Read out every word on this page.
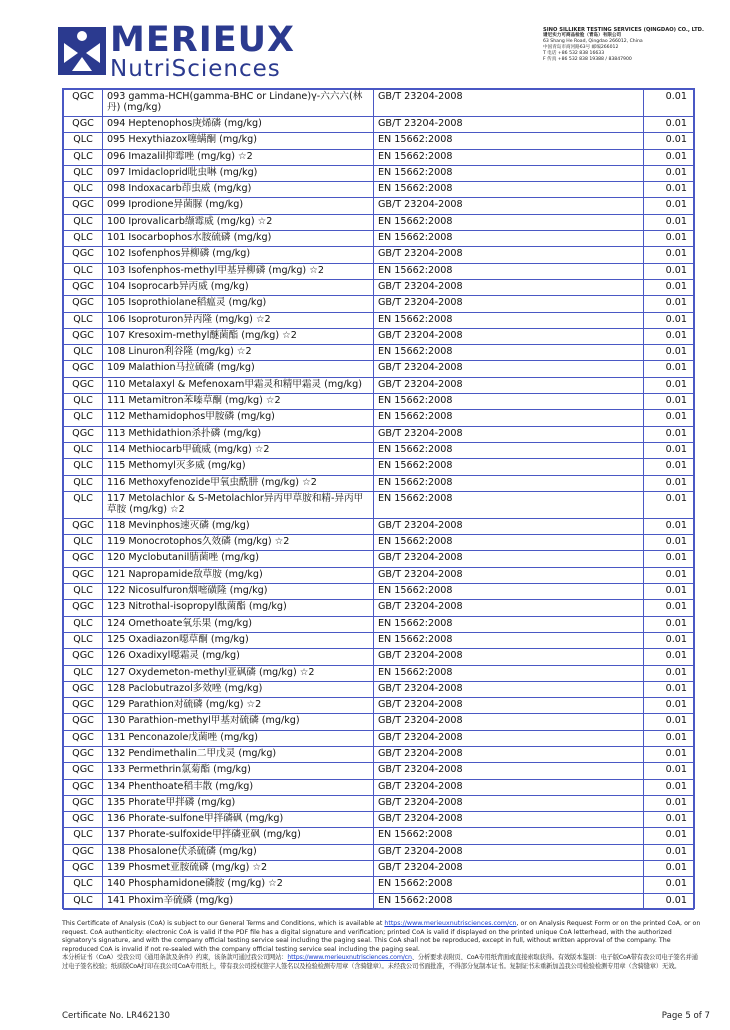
MERIEUX
NutriSciences
SINO SILLIKER TESTING SERVICES (QINGDAO) CO., LTD.
谱尼实力可商品检验（青岛）有限公司
63 Shang He Road, Qingdao 266012, China
中国青岛市商河路63号 邮编266012
T 电话 +86 532 838 16633
F 传真 +86 532 838 19388 / 83847900
QGC	093 gamma-HCH(gamma-BHC or Lindane)γ-六六六(林丹) (mg/kg)	GB/T 23204-2008	0.01
QGC	094 Heptenophos庚烯磷 (mg/kg)	GB/T 23204-2008	0.01
QLC	095 Hexythiazox噻螨酮 (mg/kg)	EN 15662:2008	0.01
QLC	096 Imazalil抑霉唑 (mg/kg) ☆2	EN 15662:2008	0.01
QLC	097 Imidacloprid吡虫啉 (mg/kg)	EN 15662:2008	0.01
QLC	098 Indoxacarb茚虫威 (mg/kg)	EN 15662:2008	0.01
QGC	099 Iprodione异菌脲 (mg/kg)	GB/T 23204-2008	0.01
QLC	100 Iprovalicarb缬霉威 (mg/kg) ☆2	EN 15662:2008	0.01
QLC	101 Isocarbophos水胺硫磷 (mg/kg)	EN 15662:2008	0.01
QGC	102 Isofenphos异柳磷 (mg/kg)	GB/T 23204-2008	0.01
QLC	103 Isofenphos-methyl甲基异柳磷 (mg/kg) ☆2	EN 15662:2008	0.01
QGC	104 Isoprocarb异丙威 (mg/kg)	GB/T 23204-2008	0.01
QGC	105 Isoprothiolane稻瘟灵 (mg/kg)	GB/T 23204-2008	0.01
QLC	106 Isoproturon异丙隆 (mg/kg) ☆2	EN 15662:2008	0.01
QGC	107 Kresoxim-methyl醚菌酯 (mg/kg) ☆2	GB/T 23204-2008	0.01
QLC	108 Linuron利谷隆 (mg/kg) ☆2	EN 15662:2008	0.01
QGC	109 Malathion马拉硫磷 (mg/kg)	GB/T 23204-2008	0.01
QGC	110 Metalaxyl & Mefenoxam甲霜灵和精甲霜灵 (mg/kg)	GB/T 23204-2008	0.01
QLC	111 Metamitron苯嗪草酮 (mg/kg) ☆2	EN 15662:2008	0.01
QLC	112 Methamidophos甲胺磷 (mg/kg)	EN 15662:2008	0.01
QGC	113 Methidathion杀扑磷 (mg/kg)	GB/T 23204-2008	0.01
QLC	114 Methiocarb甲硫威 (mg/kg) ☆2	EN 15662:2008	0.01
QLC	115 Methomyl灭多威 (mg/kg)	EN 15662:2008	0.01
QLC	116 Methoxyfenozide甲氧虫酰肼 (mg/kg) ☆2	EN 15662:2008	0.01
QLC	117 Metolachlor & S-Metolachlor异丙甲草胺和精-异丙甲草胺 (mg/kg) ☆2	EN 15662:2008	0.01
QGC	118 Mevinphos速灭磷 (mg/kg)	GB/T 23204-2008	0.01
QLC	119 Monocrotophos久效磷 (mg/kg) ☆2	EN 15662:2008	0.01
QGC	120 Myclobutanil腈菌唑 (mg/kg)	GB/T 23204-2008	0.01
QGC	121 Napropamide敌草胺 (mg/kg)	GB/T 23204-2008	0.01
QLC	122 Nicosulfuron烟嘧磺隆 (mg/kg)	EN 15662:2008	0.01
QGC	123 Nitrothal-isopropyl酞菌酯 (mg/kg)	GB/T 23204-2008	0.01
QLC	124 Omethoate氧乐果 (mg/kg)	EN 15662:2008	0.01
QLC	125 Oxadiazon噁草酮 (mg/kg)	EN 15662:2008	0.01
QGC	126 Oxadixyl噁霜灵 (mg/kg)	GB/T 23204-2008	0.01
QLC	127 Oxydemeton-methyl亚砜磷 (mg/kg) ☆2	EN 15662:2008	0.01
QGC	128 Paclobutrazol多效唑 (mg/kg)	GB/T 23204-2008	0.01
QGC	129 Parathion对硫磷 (mg/kg) ☆2	GB/T 23204-2008	0.01
QGC	130 Parathion-methyl甲基对硫磷 (mg/kg)	GB/T 23204-2008	0.01
QGC	131 Penconazole戊菌唑 (mg/kg)	GB/T 23204-2008	0.01
QGC	132 Pendimethalin二甲戊灵 (mg/kg)	GB/T 23204-2008	0.01
QGC	133 Permethrin氯菊酯 (mg/kg)	GB/T 23204-2008	0.01
QGC	134 Phenthoate稻丰散 (mg/kg)	GB/T 23204-2008	0.01
QGC	135 Phorate甲拌磷 (mg/kg)	GB/T 23204-2008	0.01
QGC	136 Phorate-sulfone甲拌磷砜 (mg/kg)	GB/T 23204-2008	0.01
QLC	137 Phorate-sulfoxide甲拌磷亚砜 (mg/kg)	EN 15662:2008	0.01
QGC	138 Phosalone伏杀硫磷 (mg/kg)	GB/T 23204-2008	0.01
QGC	139 Phosmet亚胺硫磷 (mg/kg) ☆2	GB/T 23204-2008	0.01
QLC	140 Phosphamidone磷胺 (mg/kg) ☆2	EN 15662:2008	0.01
QLC	141 Phoxim辛硫磷 (mg/kg)	EN 15662:2008	0.01
This Certificate of Analysis (CoA) is subject to our General Terms and Conditions, which is available at https://www.merieuxnutrisciences.com/cn, or on Analysis Request Form or on the printed CoA, or on request. CoA authenticity: electronic CoA is valid if the PDF file has a digital signature and verification; printed CoA is valid if displayed on the printed unique CoA letterhead, with the authorized signatory's signature, and with the company official testing service seal including the paging seal. This CoA shall not be reproduced, except in full, without written approval of the company. The reproduced CoA is invalid if not re-sealed with the company official testing service seal including the paging seal.
本分析证书（CoA）受我公司《通用条款及条件》约束，该条款可通过我公司网站：https://www.merieuxnutrisciences.com/cn、分析要求表附页、CoA专用纸背面或直接索取获得。有效版本鉴别：电子版CoA带有我公司电子签名并通过电子签名校验；纸质版CoA打印在我公司CoA专用纸上，带有我公司授权签字人签名以及检验检测专用章（含骑缝章）。未经我公司书面批准，不得部分复制本证书。复制证书未重新加盖我公司检验检测专用章（含骑缝章）无效。
Certificate No. LR462130	Page 5 of 7
